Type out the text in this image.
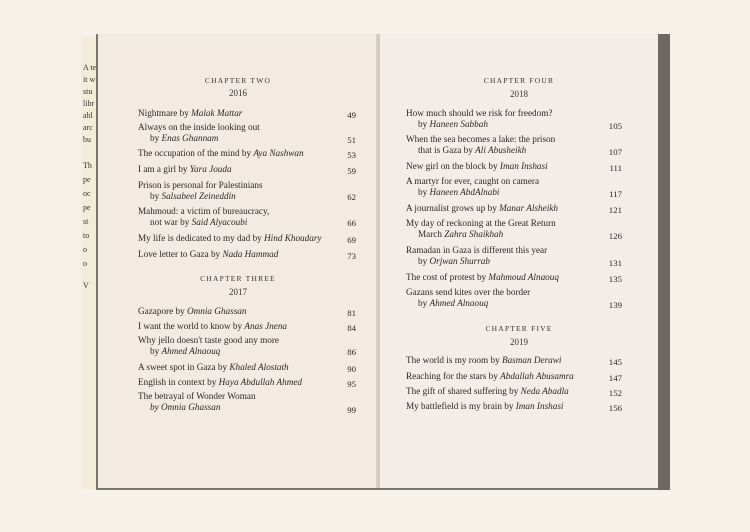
A te
it w
stu
libr
abl
arc
bu
Th
pe
oc
pe
st
to
o
o
V
CHAPTER TWO
2016
Nightmare by Malak Mattar	49
Always on the inside looking out
by Enas Ghannam	51
The occupation of the mind by Aya Nashwan	53
I am a girl by Yara Jouda	59
Prison is personal for Palestinians
by Salsabeel Zeineddin	62
Mahmoud: a victim of bureaucracy,
not war by Said Alyacoubi	66
My life is dedicated to my dad by Hind Khoudary	69
Love letter to Gaza by Nada Hammad	73
CHAPTER THREE
2017
Gazapore by Omnia Ghassan	81
I want the world to know by Anas Jnena	84
Why jello doesn't taste good any more
by Ahmed Alnaouq	86
A sweet spot in Gaza by Khaled Alostath	90
English in context by Haya Abdullah Ahmed	95
The betrayal of Wonder Woman
by Omnia Ghassan	99
CHAPTER FOUR
2018
How much should we risk for freedom?
by Haneen Sabbah	105
When the sea becomes a lake: the prison
that is Gaza by Ali Abusheikh	107
New girl on the block by Iman Inshasi	111
A martyr for ever, caught on camera
by Haneen AbdAlnabi	117
A journalist grows up by Manar Alsheikh	121
My day of reckoning at the Great Return
March Zahra Shaikhah	126
Ramadan in Gaza is different this year
by Orjwan Shurrab	131
The cost of protest by Mahmoud Alnaouq	135
Gazans send kites over the border
by Ahmed Alnaouq	139
CHAPTER FIVE
2019
The world is my room by Basman Derawi	145
Reaching for the stars by Abdallah Abusamra	147
The gift of shared suffering by Neda Abadla	152
My battlefield is my brain by Iman Inshasi	156
